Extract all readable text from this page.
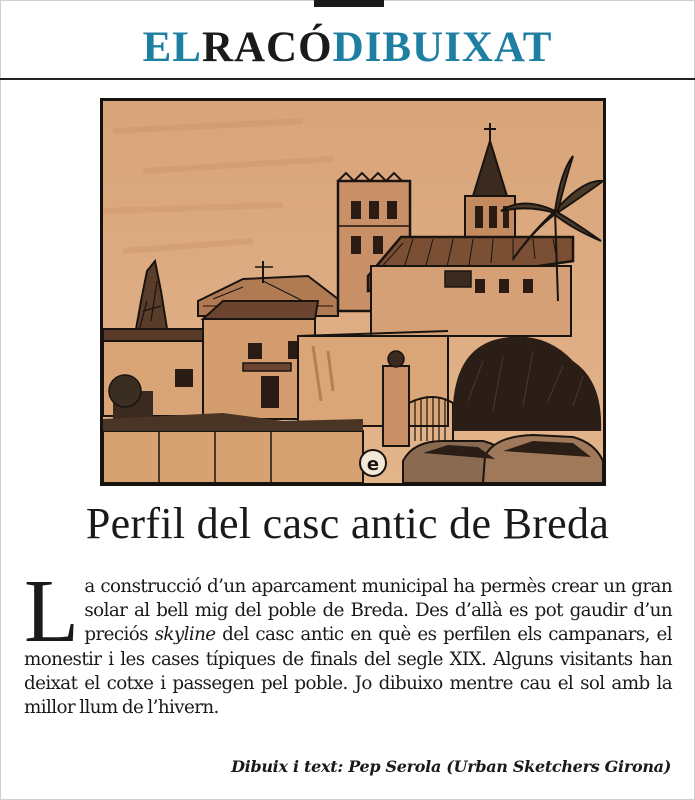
ELRACÓDIBUIXAT
e
Perfil del casc antic de Breda
La construcció d’un aparcament municipal ha permès crear un gran solar al bell mig del poble de Breda. Des d’allà es pot gaudir d’un preciós skyline del casc antic en què es perfilen els campanars, el monestir i les cases típiques de finals del segle XIX. Alguns visitants han deixat el cotxe i passegen pel poble. Jo dibuixo mentre cau el sol amb la millor llum de l’hivern.
Dibuix i text: Pep Serola (Urban Sketchers Girona)
